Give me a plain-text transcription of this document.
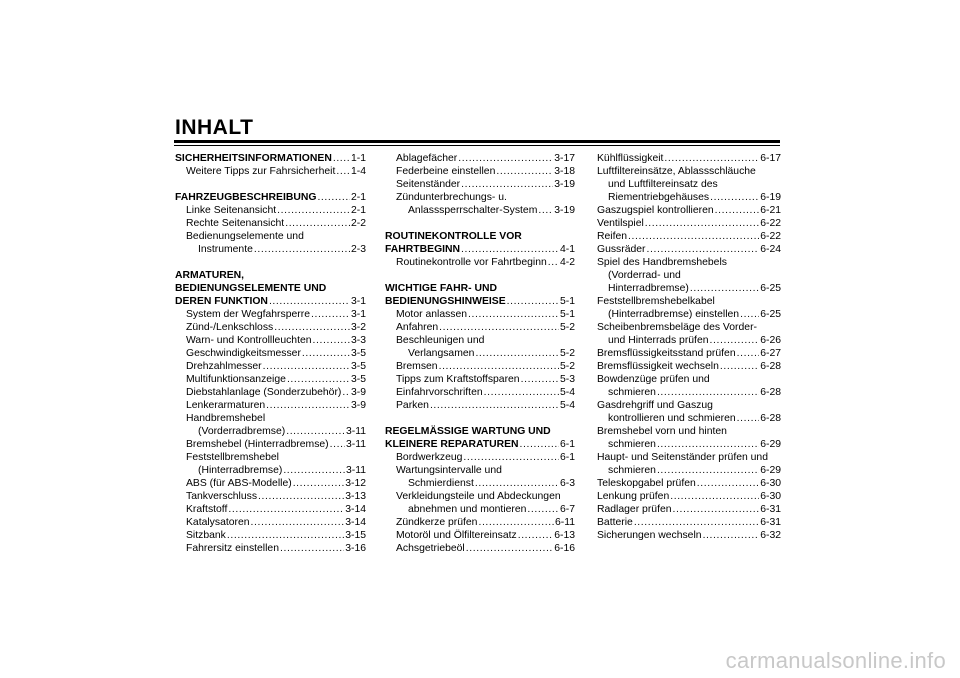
INHALT
SICHERHEITSINFORMATIONEN ..... 1-1
Weitere Tipps zur Fahrsicherheit ..... 1-4
FAHRZEUGBESCHREIBUNG .....	2-1
Linke Seitenansicht .....	2-1
Rechte Seitenansicht .....	2-2
Bedienungselemente und
Instrumente .....	2-3
ARMATUREN,
BEDIENUNGSELEMENTE UND
DEREN FUNKTION .....	3-1
System der Wegfahrsperre .....	3-1
Zünd-/Lenkschloss .....	3-2
Warn- und Kontrollleuchten .....	3-3
Geschwindigkeitsmesser .....	3-5
Drehzahlmesser .....	3-5
Multifunktionsanzeige .....	3-5
Diebstahlanlage (Sonderzubehör) ..... 3-9
Lenkerarmaturen .....	3-9
Handbremshebel
(Vorderradbremse) .....	3-11
Bremshebel (Hinterradbremse) ..... 3-11
Feststellbremshebel
(Hinterradbremse) .....	3-11
ABS (für ABS-Modelle) .....	3-12
Tankverschluss .....	3-13
Kraftstoff .....	3-14
Katalysatoren .....	3-14
Sitzbank .....	3-15
Fahrersitz einstellen .....	3-16
Ablagefächer .....	3-17
Federbeine einstellen .....	3-18
Seitenständer .....	3-19
Zündunterbrechungs- u.
Anlasssperrschalter-System ..... 3-19
ROUTINEKONTROLLE VOR
FAHRTBEGINN .....	4-1
Routinekontrolle vor Fahrtbeginn ..... 4-2
WICHTIGE FAHR- UND
BEDIENUNGSHINWEISE .....	5-1
Motor anlassen .....	5-1
Anfahren .....	5-2
Beschleunigen und
Verlangsamen .....	5-2
Bremsen .....	5-2
Tipps zum Kraftstoffsparen .....	5-3
Einfahrvorschriften .....	5-4
Parken .....	5-4
REGELMÄSSIGE WARTUNG UND
KLEINERE REPARATUREN .....	6-1
Bordwerkzeug .....	6-1
Wartungsintervalle und
Schmierdienst .....	6-3
Verkleidungsteile und Abdeckungen
abnehmen und montieren .....	6-7
Zündkerze prüfen .....	6-11
Motoröl und Ölfiltereinsatz .....	6-13
Achsgetriebeöl .....	6-16
Kühlflüssigkeit .....	6-17
Luftfiltereinsätze, Ablassschläuche
und Luftfiltereinsatz des
Riementriebgehäuses .....	6-19
Gaszugspiel kontrollieren .....	6-21
Ventilspiel .....	6-22
Reifen .....	6-22
Gussräder .....	6-24
Spiel des Handbremshebels
(Vorderrad- und
Hinterradbremse) .....	6-25
Feststellbremshebelkabel
(Hinterradbremse) einstellen ..... 6-25
Scheibenbremsbeläge des Vorder-
und Hinterrads prüfen .....	6-26
Bremsflüssigkeitsstand prüfen ..... 6-27
Bremsflüssigkeit wechseln .....	6-28
Bowdenzüge prüfen und
schmieren .....	6-28
Gasdrehgriff und Gaszug
kontrollieren und schmieren ..... 6-28
Bremshebel vorn und hinten
schmieren .....	6-29
Haupt- und Seitenständer prüfen und
schmieren .....	6-29
Teleskopgabel prüfen .....	6-30
Lenkung prüfen .....	6-30
Radlager prüfen .....	6-31
Batterie .....	6-31
Sicherungen wechseln .....	6-32
carmanualsonline.info
